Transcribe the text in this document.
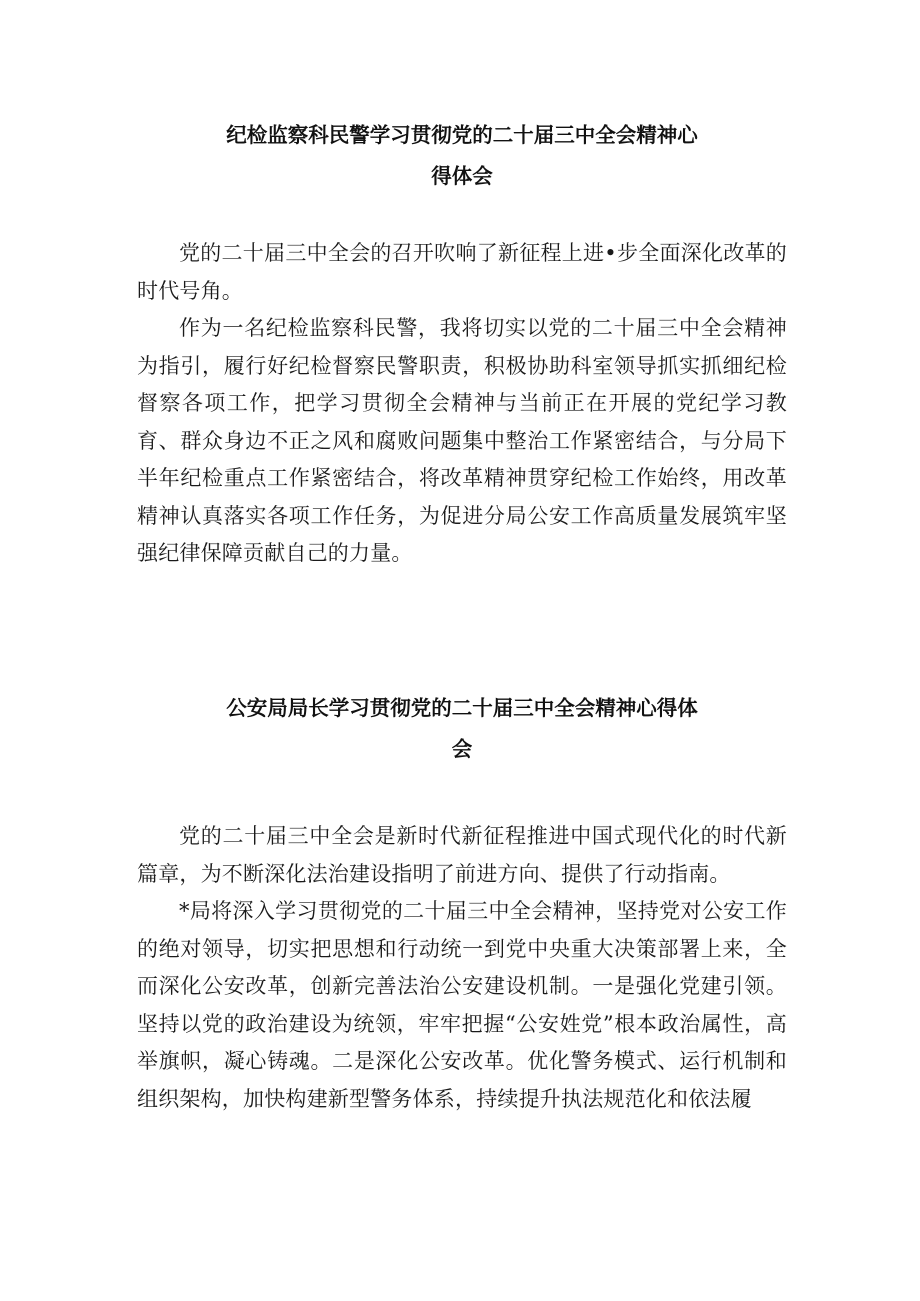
纪检监察科民警学习贯彻党的二十届三中全会精神心
得体会

党的二十届三中全会的召开吹响了新征程上进•步全面深化改革的时代号角。

作为一名纪检监察科民警，我将切实以党的二十届三中全会精神为指引，履行好纪检督察民警职责，积极协助科室领导抓实抓细纪检督察各项工作，把学习贯彻全会精神与当前正在开展的党纪学习教育、群众身边不正之风和腐败问题集中整治工作紧密结合，与分局下半年纪检重点工作紧密结合，将改革精神贯穿纪检工作始终，用改革精神认真落实各项工作任务，为促进分局公安工作高质量发展筑牢坚强纪律保障贡献自己的力量。

公安局局长学习贯彻党的二十届三中全会精神心得体
会

党的二十届三中全会是新时代新征程推进中国式现代化的时代新篇章，为不断深化法治建设指明了前进方向、提供了行动指南。

*局将深入学习贯彻党的二十届三中全会精神，坚持党对公安工作的绝对领导，切实把思想和行动统一到党中央重大决策部署上来，全而深化公安改革，创新完善法治公安建设机制。一是强化党建引领。坚持以党的政治建设为统领，牢牢把握“公安姓党”根本政治属性，高举旗帜，凝心铸魂。二是深化公安改革。优化警务模式、运行机制和组织架构，加快构建新型警务体系，持续提升执法规范化和依法履
